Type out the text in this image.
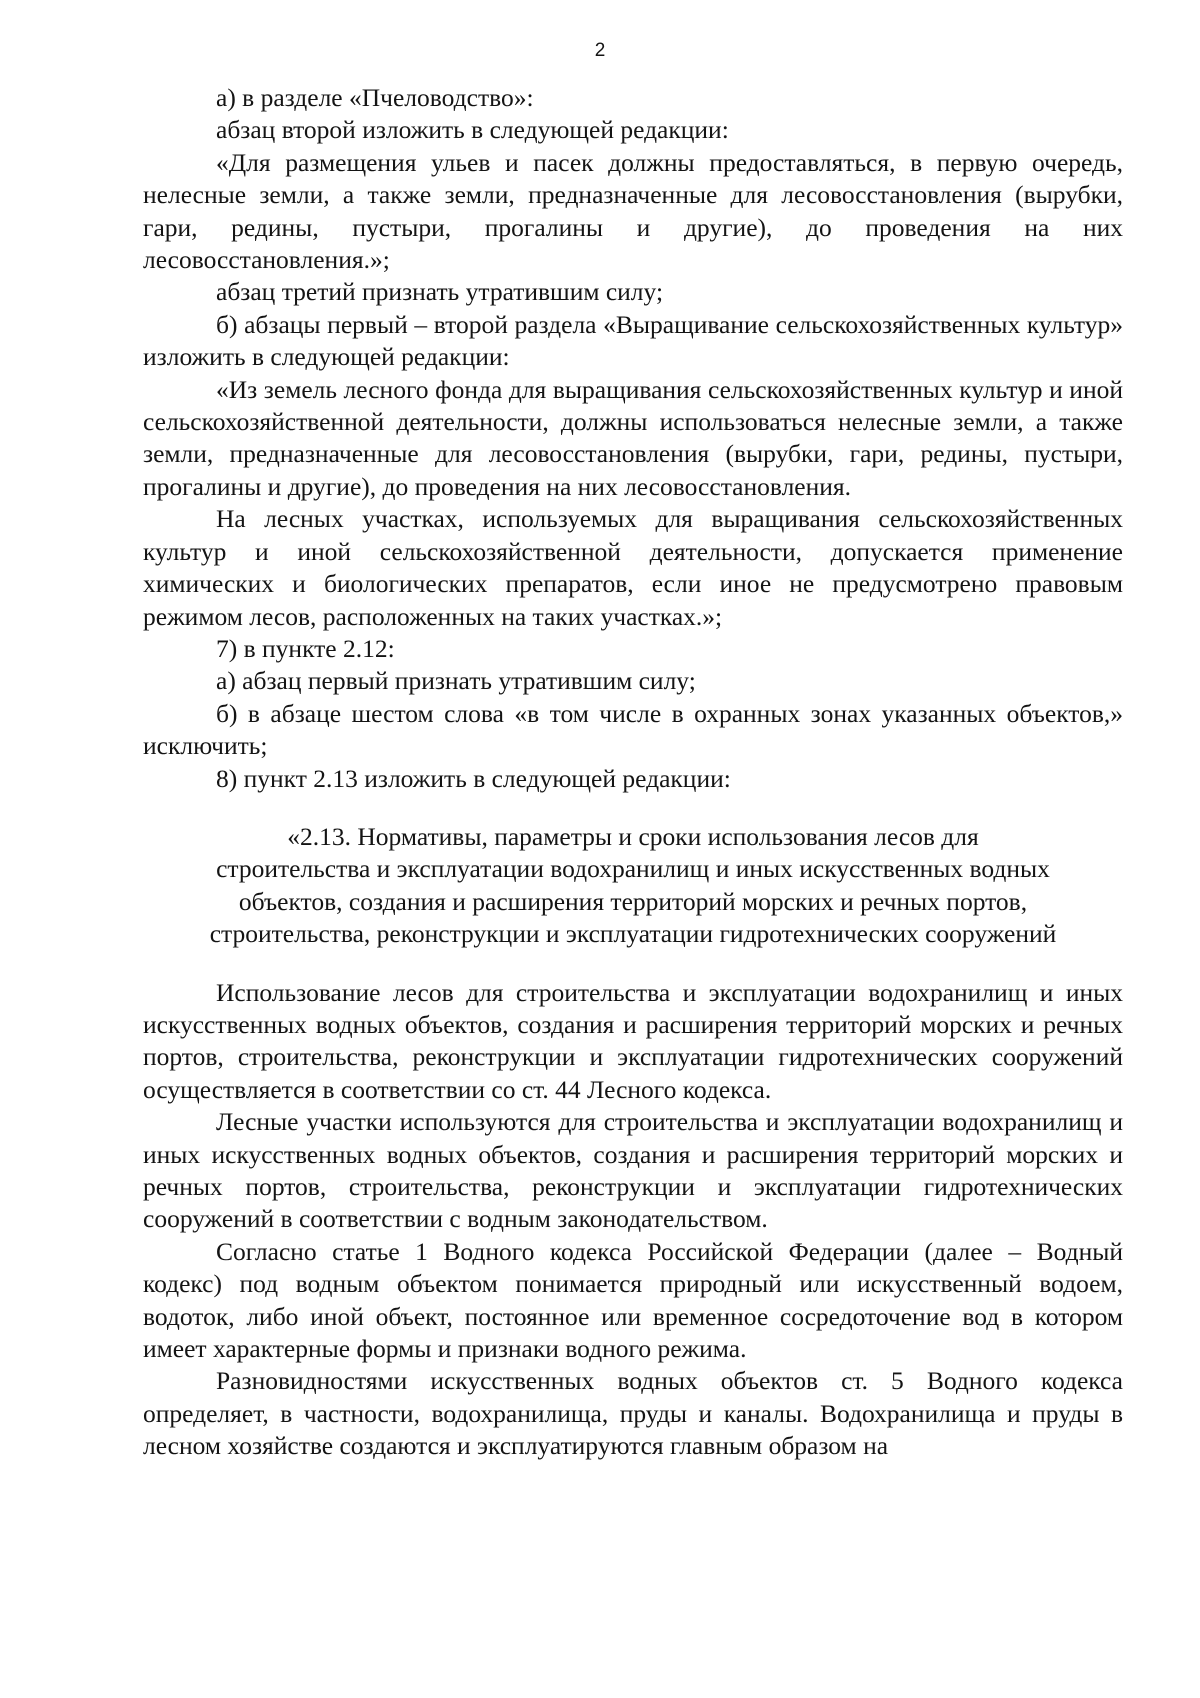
2

а) в разделе «Пчеловодство»:

абзац второй изложить в следующей редакции:

«Для размещения ульев и пасек должны предоставляться, в первую очередь, нелесные земли, а также земли, предназначенные для лесовосстановления (вырубки, гари, редины, пустыри, прогалины и другие), до проведения на них лесовосстановления.»;

абзац третий признать утратившим силу;

б) абзацы первый – второй раздела «Выращивание сельскохозяйственных культур» изложить в следующей редакции:

«Из земель лесного фонда для выращивания сельскохозяйственных культур и иной сельскохозяйственной деятельности, должны использоваться нелесные земли, а также земли, предназначенные для лесовосстановления (вырубки, гари, редины, пустыри, прогалины и другие), до проведения на них лесовосстановления.

На лесных участках, используемых для выращивания сельскохозяйственных культур и иной сельскохозяйственной деятельности, допускается применение химических и биологических препаратов, если иное не предусмотрено правовым режимом лесов, расположенных на таких участках.»;

7) в пункте 2.12:

а) абзац первый признать утратившим силу;

б) в абзаце шестом слова «в том числе в охранных зонах указанных объектов,» исключить;

8) пункт 2.13 изложить в следующей редакции:

«2.13. Нормативы, параметры и сроки использования лесов для
строительства и эксплуатации водохранилищ и иных искусственных водных
объектов, создания и расширения территорий морских и речных портов,
строительства, реконструкции и эксплуатации гидротехнических сооружений

Использование лесов для строительства и эксплуатации водохранилищ и иных искусственных водных объектов, создания и расширения территорий морских и речных портов, строительства, реконструкции и эксплуатации гидротехнических сооружений осуществляется в соответствии со ст. 44 Лесного кодекса.

Лесные участки используются для строительства и эксплуатации водохранилищ и иных искусственных водных объектов, создания и расширения территорий морских и речных портов, строительства, реконструкции и эксплуатации гидротехнических сооружений в соответствии с водным законодательством.

Согласно статье 1 Водного кодекса Российской Федерации (далее – Водный кодекс) под водным объектом понимается природный или искусственный водоем, водоток, либо иной объект, постоянное или временное сосредоточение вод в котором имеет характерные формы и признаки водного режима.

Разновидностями искусственных водных объектов ст. 5 Водного кодекса определяет, в частности, водохранилища, пруды и каналы. Водохранилища и пруды в лесном хозяйстве создаются и эксплуатируются главным образом на
